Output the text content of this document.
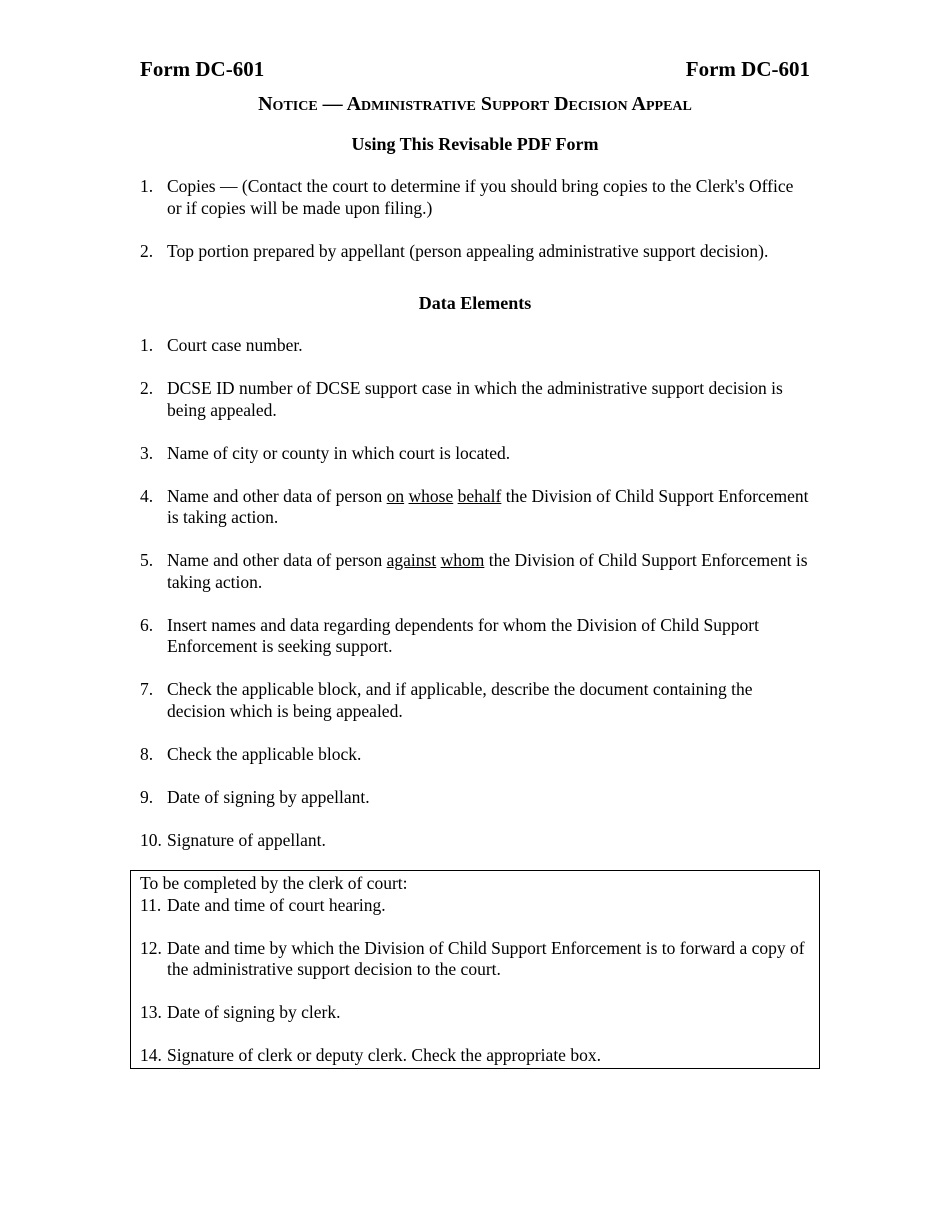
Form DC-601	Form DC-601
Notice — Administrative Support Decision Appeal
Using This Revisable PDF Form
1. Copies — (Contact the court to determine if you should bring copies to the Clerk's Office or if copies will be made upon filing.)
2. Top portion prepared by appellant (person appealing administrative support decision).
Data Elements
1. Court case number.
2. DCSE ID number of DCSE support case in which the administrative support decision is being appealed.
3. Name of city or county in which court is located.
4. Name and other data of person on whose behalf the Division of Child Support Enforcement is taking action.
5. Name and other data of person against whom the Division of Child Support Enforcement is taking action.
6. Insert names and data regarding dependents for whom the Division of Child Support Enforcement is seeking support.
7. Check the applicable block, and if applicable, describe the document containing the decision which is being appealed.
8. Check the applicable block.
9. Date of signing by appellant.
10. Signature of appellant.
To be completed by the clerk of court:
11. Date and time of court hearing.
12. Date and time by which the Division of Child Support Enforcement is to forward a copy of the administrative support decision to the court.
13. Date of signing by clerk.
14. Signature of clerk or deputy clerk. Check the appropriate box.
